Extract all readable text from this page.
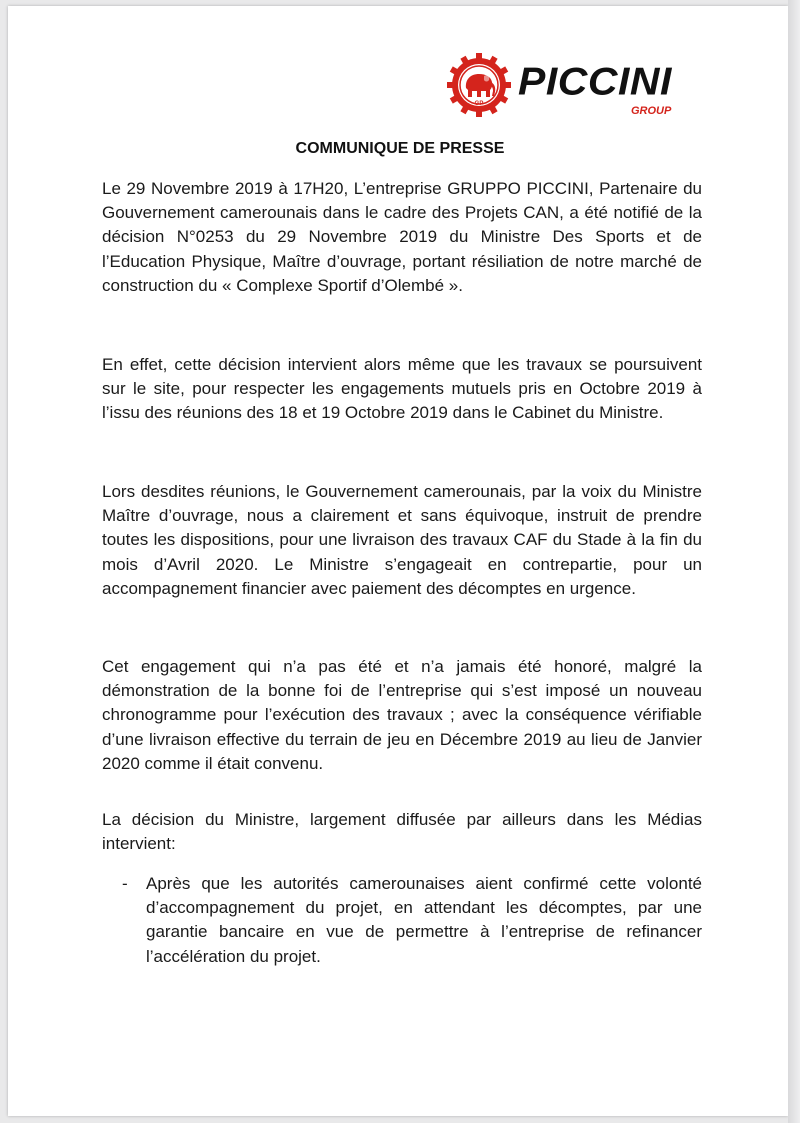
GP
PICCINI
GROUP
COMMUNIQUE DE PRESSE
Le 29 Novembre 2019 à 17H20, L’entreprise GRUPPO PICCINI, Partenaire du Gouvernement camerounais dans le cadre des Projets CAN, a été notifié de la décision N°0253 du 29 Novembre 2019 du Ministre Des Sports et de l’Education Physique, Maître d’ouvrage, portant résiliation de notre marché de construction du « Complexe Sportif d’Olembé ».
En effet, cette décision intervient alors même que les travaux se poursuivent sur le site, pour respecter les engagements mutuels pris en Octobre 2019 à l’issu des réunions des 18 et 19 Octobre 2019 dans le Cabinet du Ministre.
Lors desdites réunions, le Gouvernement camerounais, par la voix du Ministre Maître d’ouvrage, nous a clairement et sans équivoque, instruit de prendre toutes les dispositions, pour une livraison des travaux CAF du Stade à la fin du mois d’Avril 2020. Le Ministre s’engageait en contrepartie, pour un accompagnement financier avec paiement des décomptes en urgence.
Cet engagement qui n’a pas été et n’a jamais été honoré, malgré la démonstration de la bonne foi de l’entreprise qui s’est imposé un nouveau chronogramme pour l’exécution des travaux ; avec la conséquence vérifiable d’une livraison effective du terrain de jeu en Décembre 2019 au lieu de Janvier 2020 comme il était convenu.
La décision du Ministre, largement diffusée par ailleurs dans les Médias intervient:
- Après que les autorités camerounaises aient confirmé cette volonté d’accompagnement du projet, en attendant les décomptes, par une garantie bancaire en vue de permettre à l’entreprise de refinancer l’accélération du projet.
